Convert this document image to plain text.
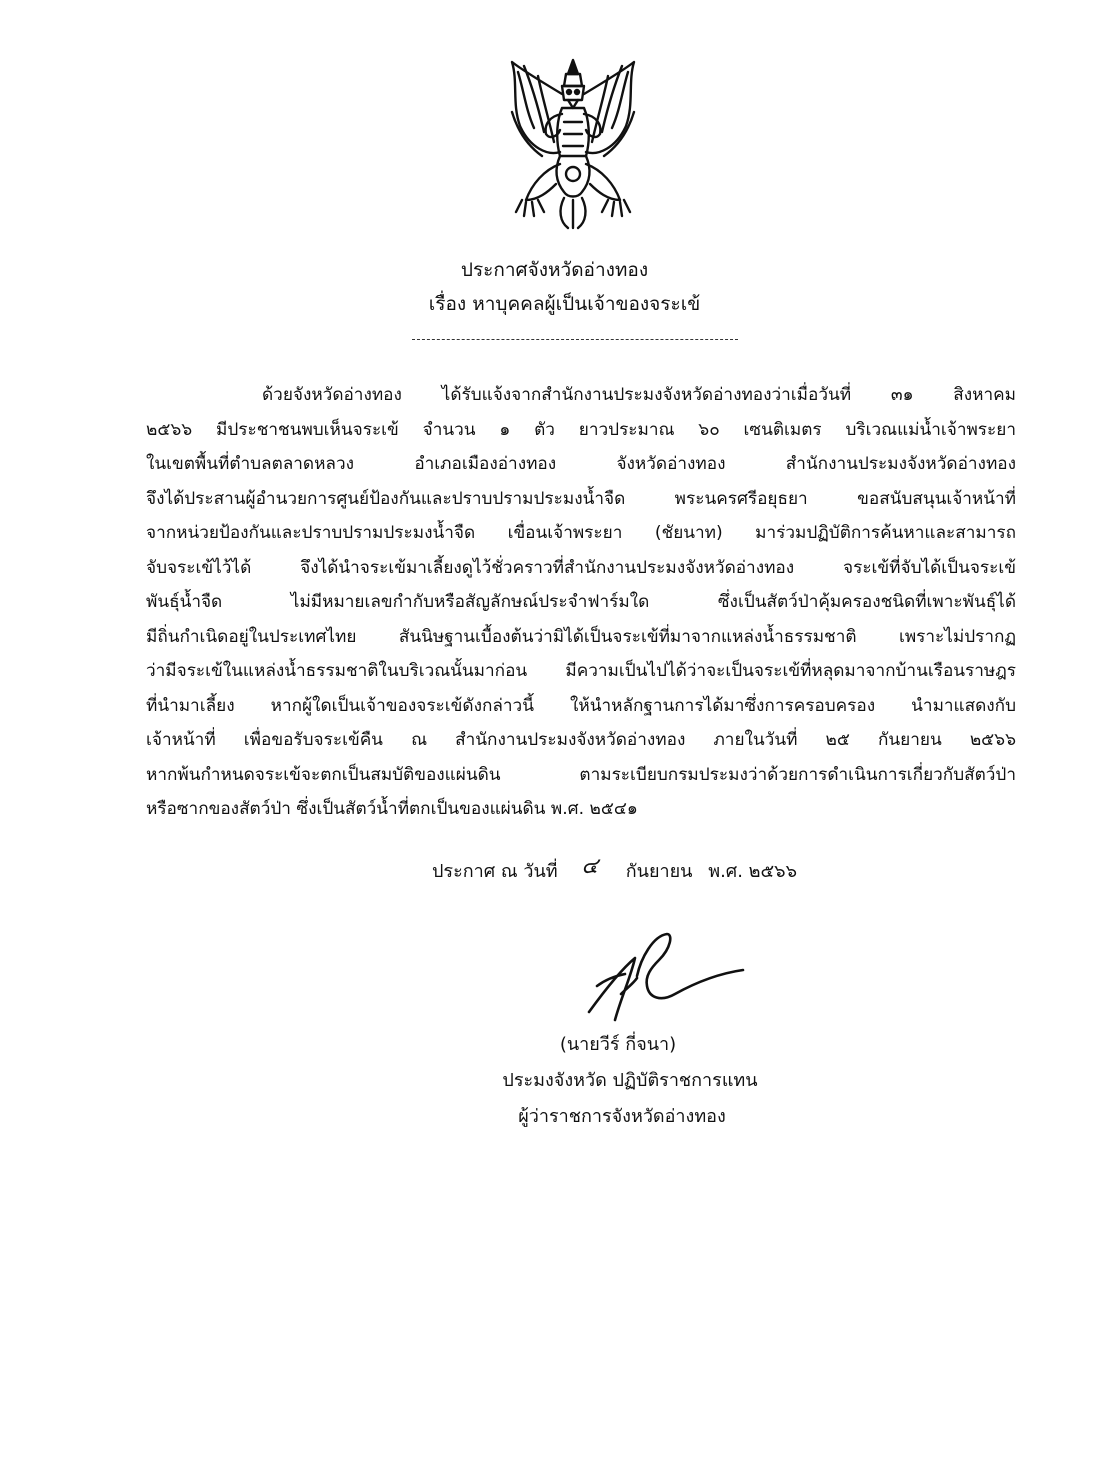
ประกาศจังหวัดอ่างทอง
เรื่อง หาบุคคลผู้เป็นเจ้าของจระเข้
ด้วยจังหวัดอ่างทอง ได้รับแจ้งจากสำนักงานประมงจังหวัดอ่างทองว่าเมื่อวันที่ ๓๑ สิงหาคม
๒๕๖๖ มีประชาชนพบเห็นจระเข้ จำนวน ๑ ตัว ยาวประมาณ ๖๐ เซนติเมตร บริเวณแม่น้ำเจ้าพระยา
ในเขตพื้นที่ตำบลตลาดหลวง อำเภอเมืองอ่างทอง จังหวัดอ่างทอง สำนักงานประมงจังหวัดอ่างทอง
จึงได้ประสานผู้อำนวยการศูนย์ป้องกันและปราบปรามประมงน้ำจืด พระนครศรีอยุธยา ขอสนับสนุนเจ้าหน้าที่
จากหน่วยป้องกันและปราบปรามประมงน้ำจืด เขื่อนเจ้าพระยา (ชัยนาท) มาร่วมปฏิบัติการค้นหาและสามารถ
จับจระเข้ไว้ได้ จึงได้นำจระเข้มาเลี้ยงดูไว้ชั่วคราวที่สำนักงานประมงจังหวัดอ่างทอง จระเข้ที่จับได้เป็นจระเข้
พันธุ์น้ำจืด ไม่มีหมายเลขกำกับหรือสัญลักษณ์ประจำฟาร์มใด ซึ่งเป็นสัตว์ป่าคุ้มครองชนิดที่เพาะพันธุ์ได้
มีถิ่นกำเนิดอยู่ในประเทศไทย สันนิษฐานเบื้องต้นว่ามิได้เป็นจระเข้ที่มาจากแหล่งน้ำธรรมชาติ เพราะไม่ปรากฏ
ว่ามีจระเข้ในแหล่งน้ำธรรมชาติในบริเวณนั้นมาก่อน มีความเป็นไปได้ว่าจะเป็นจระเข้ที่หลุดมาจากบ้านเรือนราษฎร
ที่นำมาเลี้ยง หากผู้ใดเป็นเจ้าของจระเข้ดังกล่าวนี้ ให้นำหลักฐานการได้มาซึ่งการครอบครอง นำมาแสดงกับ
เจ้าหน้าที่ เพื่อขอรับจระเข้คืน ณ สำนักงานประมงจังหวัดอ่างทอง ภายในวันที่ ๒๕ กันยายน ๒๕๖๖
หากพ้นกำหนดจระเข้จะตกเป็นสมบัติของแผ่นดิน ตามระเบียบกรมประมงว่าด้วยการดำเนินการเกี่ยวกับสัตว์ป่า
หรือซากของสัตว์ป่า ซึ่งเป็นสัตว์น้ำที่ตกเป็นของแผ่นดิน พ.ศ. ๒๕๔๑
ประกาศ ณ วันที่ ๔ กันยายน พ.ศ. ๒๕๖๖
(นายวีร์ กี่จนา)
ประมงจังหวัด ปฏิบัติราชการแทน
ผู้ว่าราชการจังหวัดอ่างทอง
